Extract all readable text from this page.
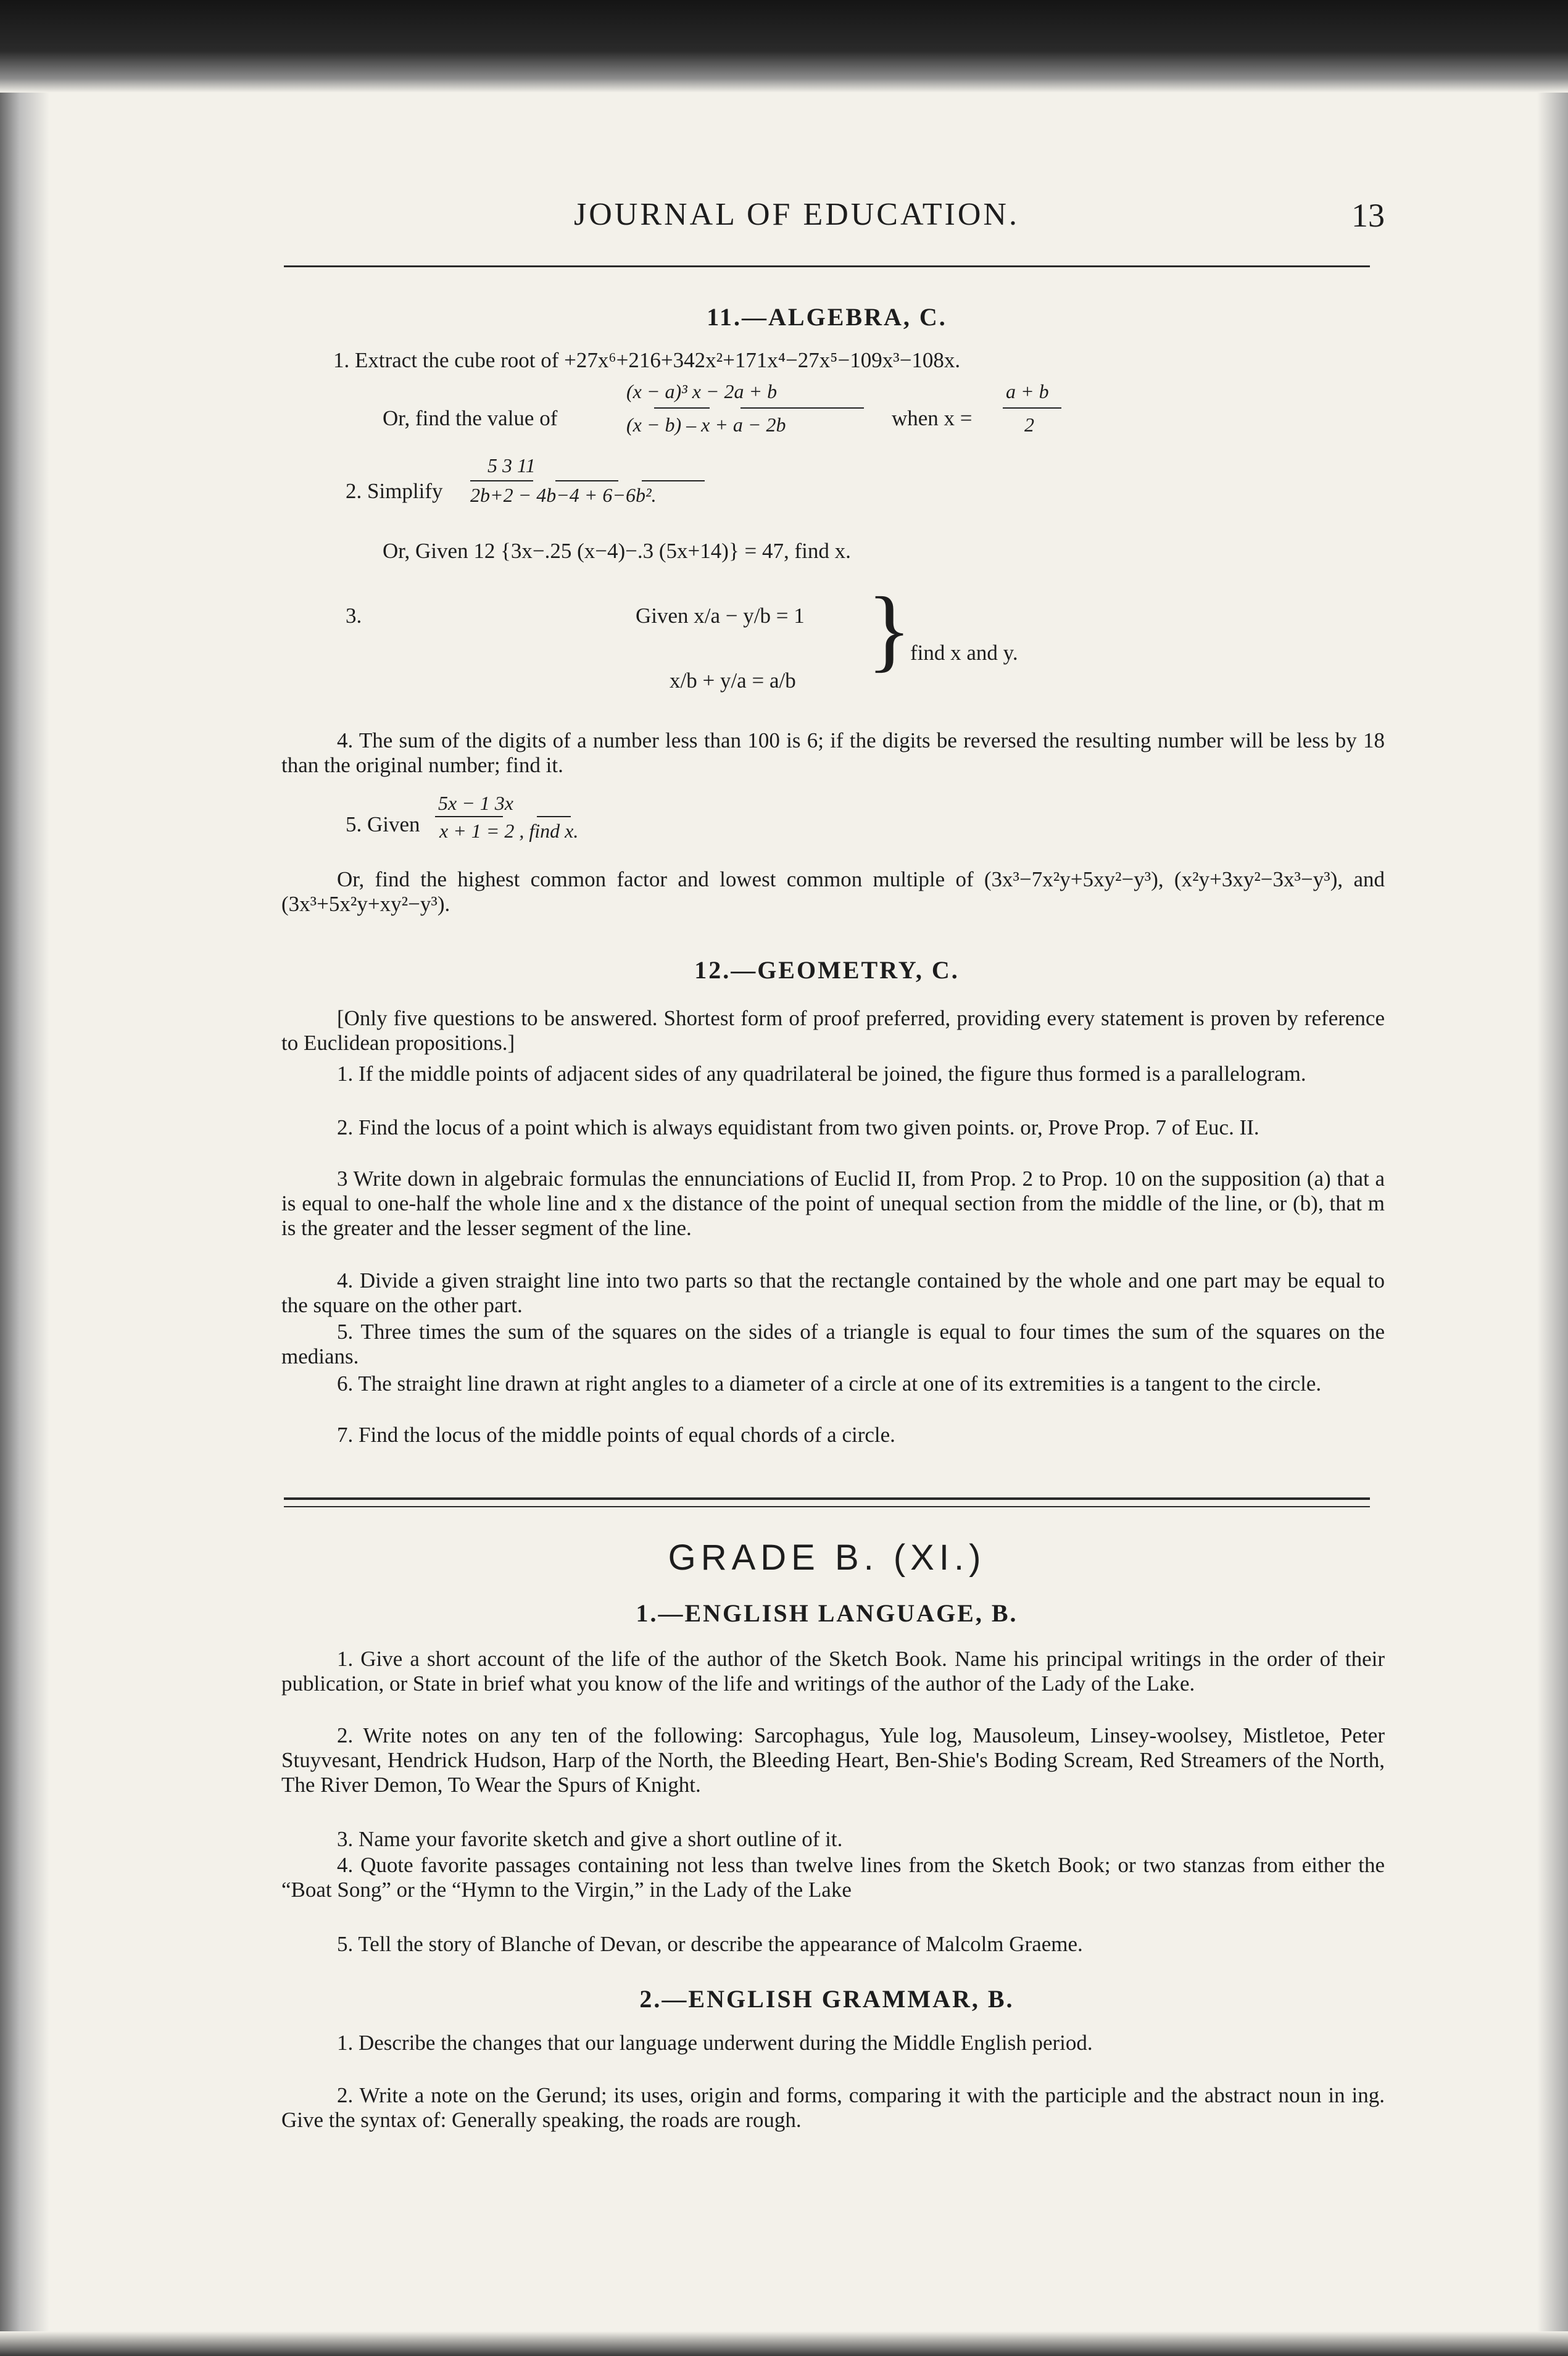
JOURNAL OF EDUCATION.	13
11.—ALGEBRA, C.
1. Extract the cube root of +27x⁶+216+342x²+171x⁴−27x⁵−109x³−108x.
Or, find the value of
(x − a)³ x − 2a + b
(x − b) – x + a − 2b	when x =
a + b
2
5 3 11
2. Simplify 2b+2 − 4b−4 + 6−6b².
Or, Given 12 {3x−.25 (x−4)−.3 (5x+14)} = 47, find x.
3.	Given x/a − y/b = 1
x/b + y/a = a/b }
find x and y.
4. The sum of the digits of a number less than 100 is 6; if the digits be reversed the resulting number will be less by 18 than the original number; find it.
5x − 1 3x
5. Given x + 1 = 2 , find x.
Or, find the highest common factor and lowest common multiple of (3x³−7x²y+5xy²−y³), (x²y+3xy²−3x³−y³), and (3x³+5x²y+xy²−y³).
12.—GEOMETRY, C.
[Only five questions to be answered. Shortest form of proof preferred, providing every statement is proven by reference to Euclidean propositions.]
1. If the middle points of adjacent sides of any quadrilateral be joined, the figure thus formed is a parallelogram.
2. Find the locus of a point which is always equidistant from two given points. or, Prove Prop. 7 of Euc. II.
3 Write down in algebraic formulas the ennunciations of Euclid II, from Prop. 2 to Prop. 10 on the supposition (a) that a is equal to one-half the whole line and x the distance of the point of unequal section from the middle of the line, or (b), that m is the greater and the lesser segment of the line.
4. Divide a given straight line into two parts so that the rectangle contained by the whole and one part may be equal to the square on the other part.
5. Three times the sum of the squares on the sides of a triangle is equal to four times the sum of the squares on the medians.
6. The straight line drawn at right angles to a diameter of a circle at one of its extremities is a tangent to the circle.
7. Find the locus of the middle points of equal chords of a circle.
GRADE B. (XI.)
1.—ENGLISH LANGUAGE, B.
1. Give a short account of the life of the author of the Sketch Book. Name his principal writings in the order of their publication, or State in brief what you know of the life and writings of the author of the Lady of the Lake.
2. Write notes on any ten of the following: Sarcophagus, Yule log, Mausoleum, Linsey-woolsey, Mistletoe, Peter Stuyvesant, Hendrick Hudson, Harp of the North, the Bleeding Heart, Ben-Shie's Boding Scream, Red Streamers of the North, The River Demon, To Wear the Spurs of Knight.
3. Name your favorite sketch and give a short outline of it.
4. Quote favorite passages containing not less than twelve lines from the Sketch Book; or two stanzas from either the “Boat Song” or the “Hymn to the Virgin,” in the Lady of the Lake
5. Tell the story of Blanche of Devan, or describe the appearance of Malcolm Graeme.
2.—ENGLISH GRAMMAR, B.
1. Describe the changes that our language underwent during the Middle English period.
2. Write a note on the Gerund; its uses, origin and forms, comparing it with the participle and the abstract noun in ing. Give the syntax of: Generally speaking, the roads are rough.
